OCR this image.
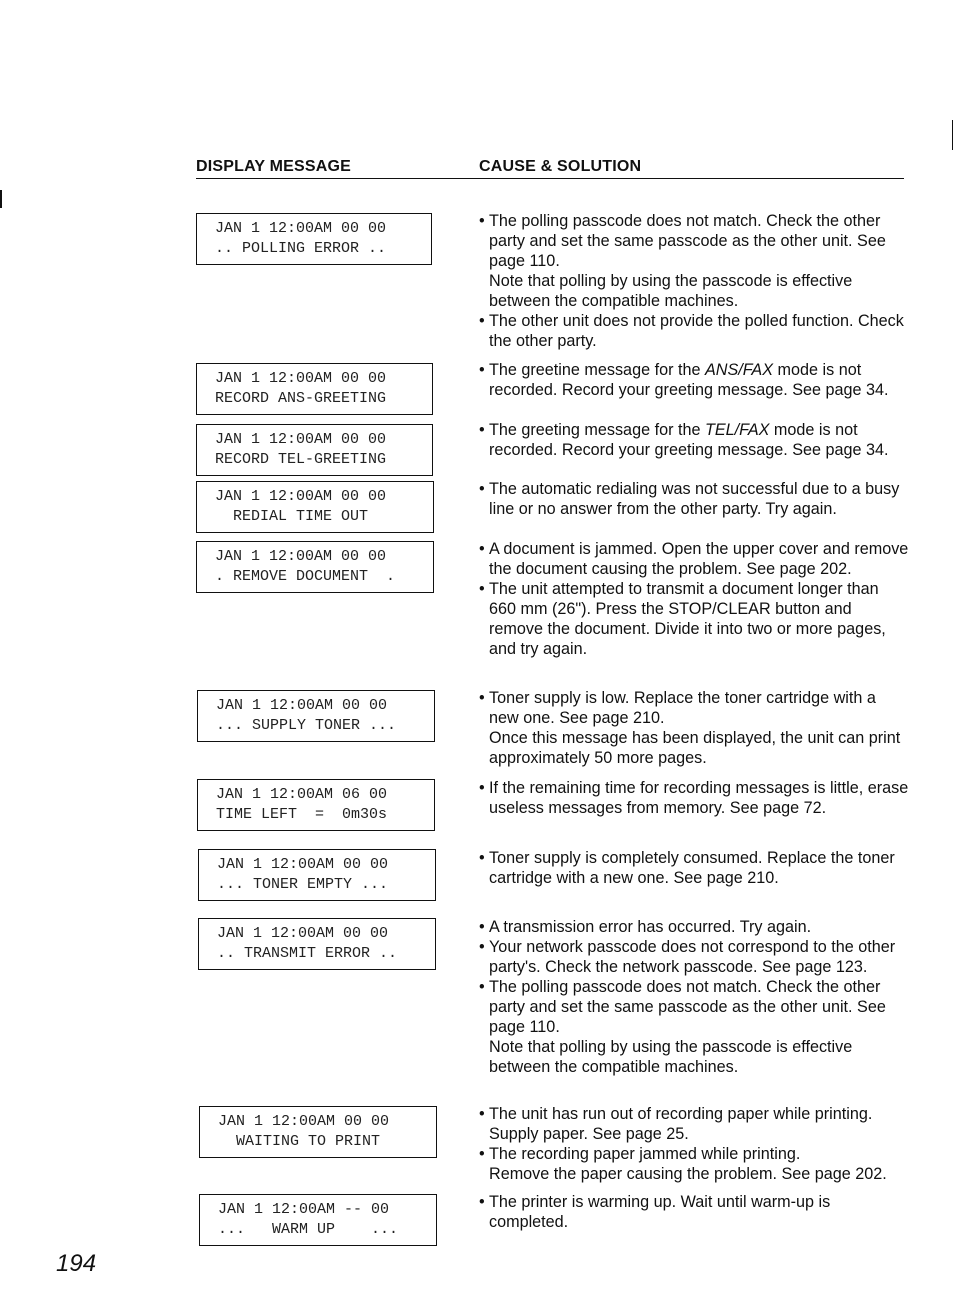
DISPLAY MESSAGE	CAUSE & SOLUTION
JAN 1 12:00AM 00 00
.. POLLING ERROR ..

• The polling passcode does not match. Check the other party and set the same passcode as the other unit. See page 110.

Note that polling by using the passcode is effective between the compatible machines.

• The other unit does not provide the polled function. Check the other party.

JAN 1 12:00AM 00 00
RECORD ANS-GREETING

• The greetine message for the ANS/FAX mode is not recorded. Record your greeting message. See page 34.

JAN 1 12:00AM 00 00
RECORD TEL-GREETING

• The greeting message for the TEL/FAX mode is not recorded. Record your greeting message. See page 34.

JAN 1 12:00AM 00 00
REDIAL TIME OUT

• The automatic redialing was not successful due to a busy line or no answer from the other party. Try again.

JAN 1 12:00AM 00 00
. REMOVE DOCUMENT  .

• A document is jammed. Open the upper cover and remove the document causing the problem. See page 202.

• The unit attempted to transmit a document longer than 660 mm (26"). Press the STOP/CLEAR button and remove the document. Divide it into two or more pages, and try again.

JAN 1 12:00AM 00 00
... SUPPLY TONER ...

• Toner supply is low. Replace the toner cartridge with a new one. See page 210.

Once this message has been displayed, the unit can print approximately 50 more pages.

JAN 1 12:00AM 06 00
TIME LEFT  =  0m30s

• If the remaining time for recording messages is little, erase useless messages from memory. See page 72.

JAN 1 12:00AM 00 00
... TONER EMPTY ...

• Toner supply is completely consumed. Replace the toner cartridge with a new one. See page 210.

JAN 1 12:00AM 00 00
.. TRANSMIT ERROR ..

• A transmission error has occurred. Try again.

• Your network passcode does not correspond to the other party's. Check the network passcode. See page 123.

• The polling passcode does not match. Check the other party and set the same passcode as the other unit. See page 110.

Note that polling by using the passcode is effective between the compatible machines.

JAN 1 12:00AM 00 00
WAITING TO PRINT

• The unit has run out of recording paper while printing. Supply paper. See page 25.

• The recording paper jammed while printing.

Remove the paper causing the problem. See page 202.

JAN 1 12:00AM -- 00
...   WARM UP    ...

• The printer is warming up. Wait until warm-up is completed.

194
